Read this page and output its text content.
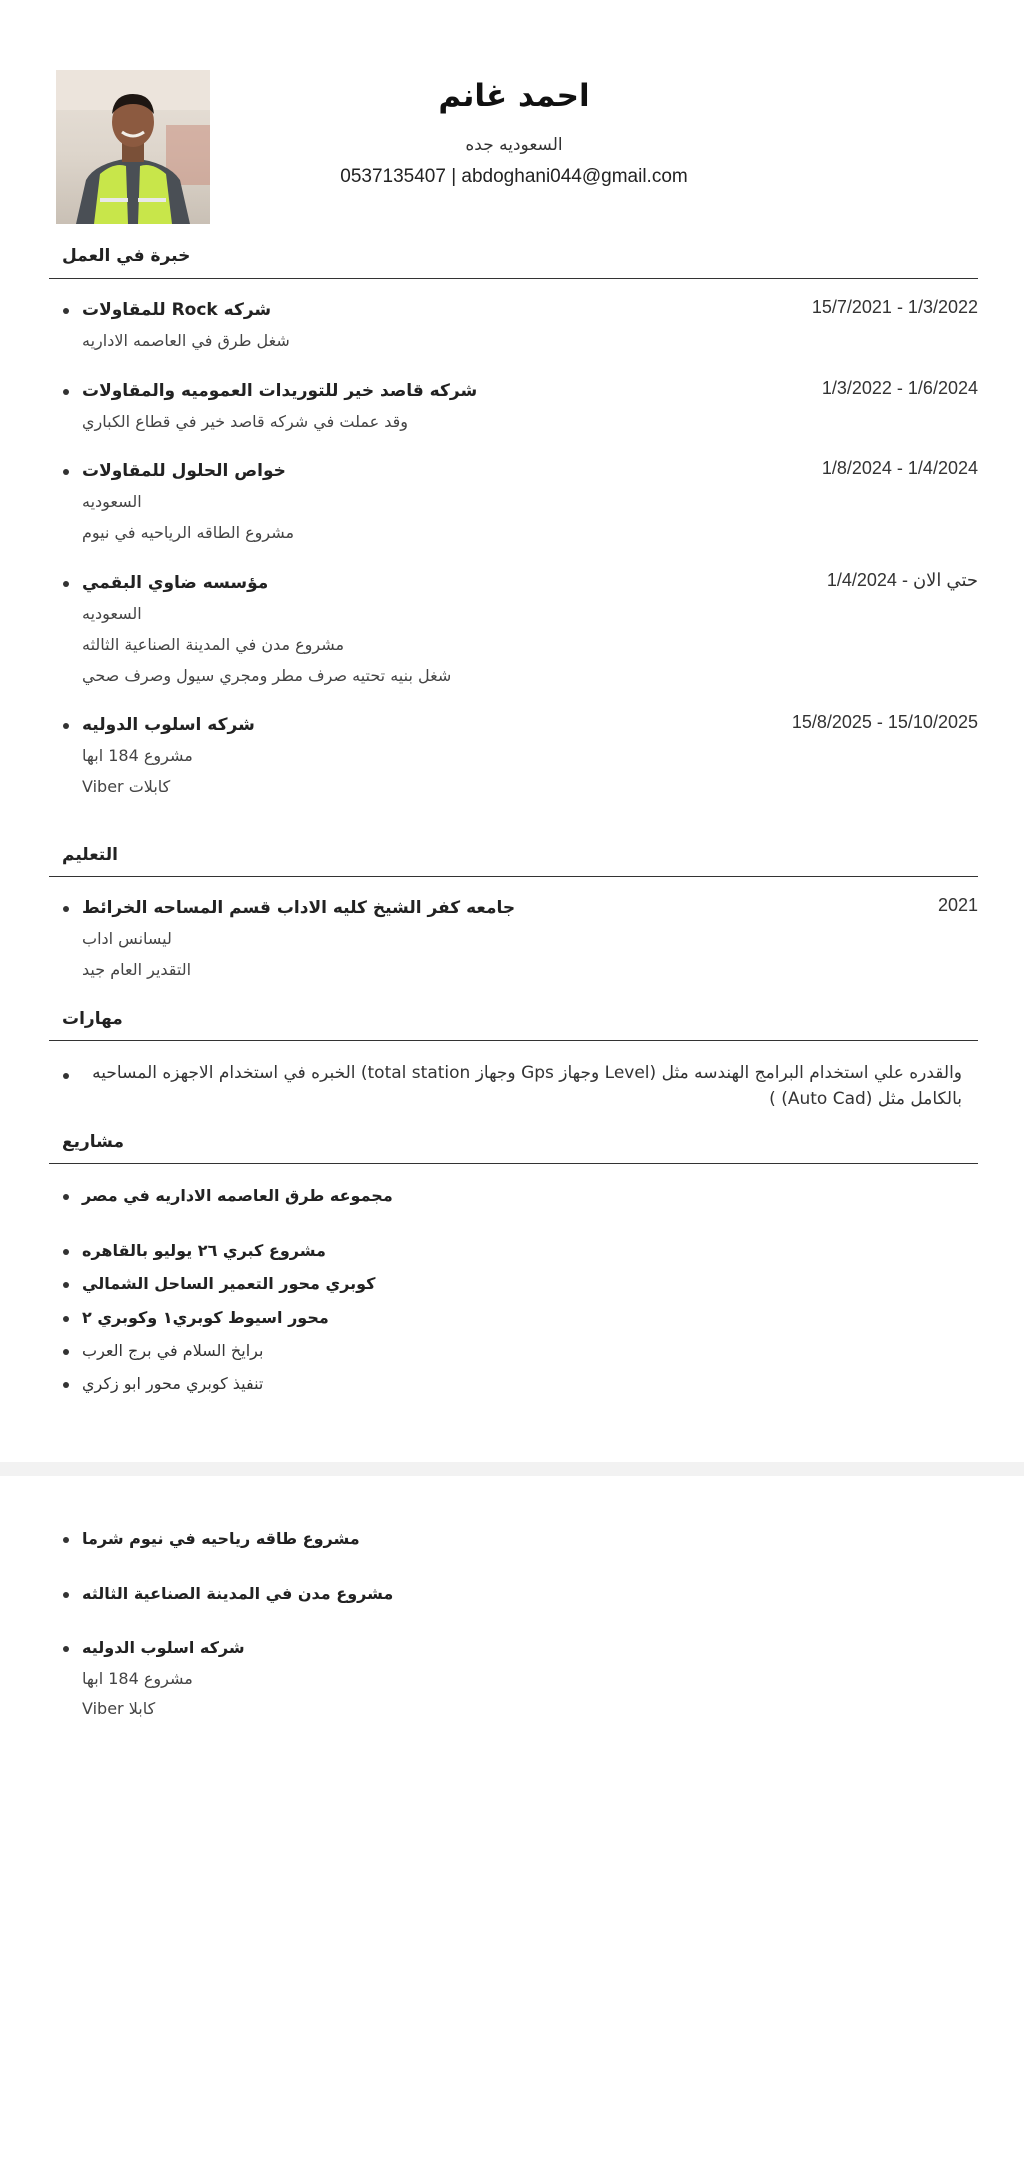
احمد غانم
السعوديه جده
0537135407 | abdoghani044@gmail.com
خبرة في العمل
شركه Rock للمقاولات	15/7/2021 - 1/3/2022
شغل طرق في العاصمه الاداريه
شركه قاصد خير للتوريدات العموميه والمقاولات	1/3/2022 - 1/6/2024
وقد عملت في شركه قاصد خير في قطاع الكباري
خواص الحلول للمقاولات	1/8/2024 - 1/4/2024
السعوديه
مشروع الطاقه الرياحيه في نيوم
مؤسسه ضاوي البقمي	حتي الان - 1/4/2024
السعوديه
مشروع مدن في المدينة الصناعية الثالثه
شغل بنيه تحتيه صرف مطر ومجري سيول وصرف صحي
شركه اسلوب الدوليه	15/8/2025 - 15/10/2025
مشروع 184 ابها
كابلات Viber
التعليم
جامعه كفر الشيخ كليه الاداب قسم المساحه الخرائط	2021
ليسانس اداب
التقدير العام جيد
مهارات
والقدره علي استخدام البرامج الهندسه مثل (Level وجهاز Gps وجهاز total station) الخبره في استخدام الاجهزه المساحيه بالكامل مثل (Auto Cad) )
مشاريع
مجموعه طرق العاصمه الاداريه في مصر
مشروع كبري ٢٦ يوليو بالقاهره
كوبري محور التعمير الساحل الشمالي
محور اسيوط كوبري١ وكوبري ٢
برايخ السلام في برج العرب
تنفيذ كوبري محور ابو زكري
مشروع طاقه رياحيه في نيوم شرما
مشروع مدن في المدينة الصناعية الثالثه
شركه اسلوب الدوليه
مشروع 184 ابها
كابلا Viber
